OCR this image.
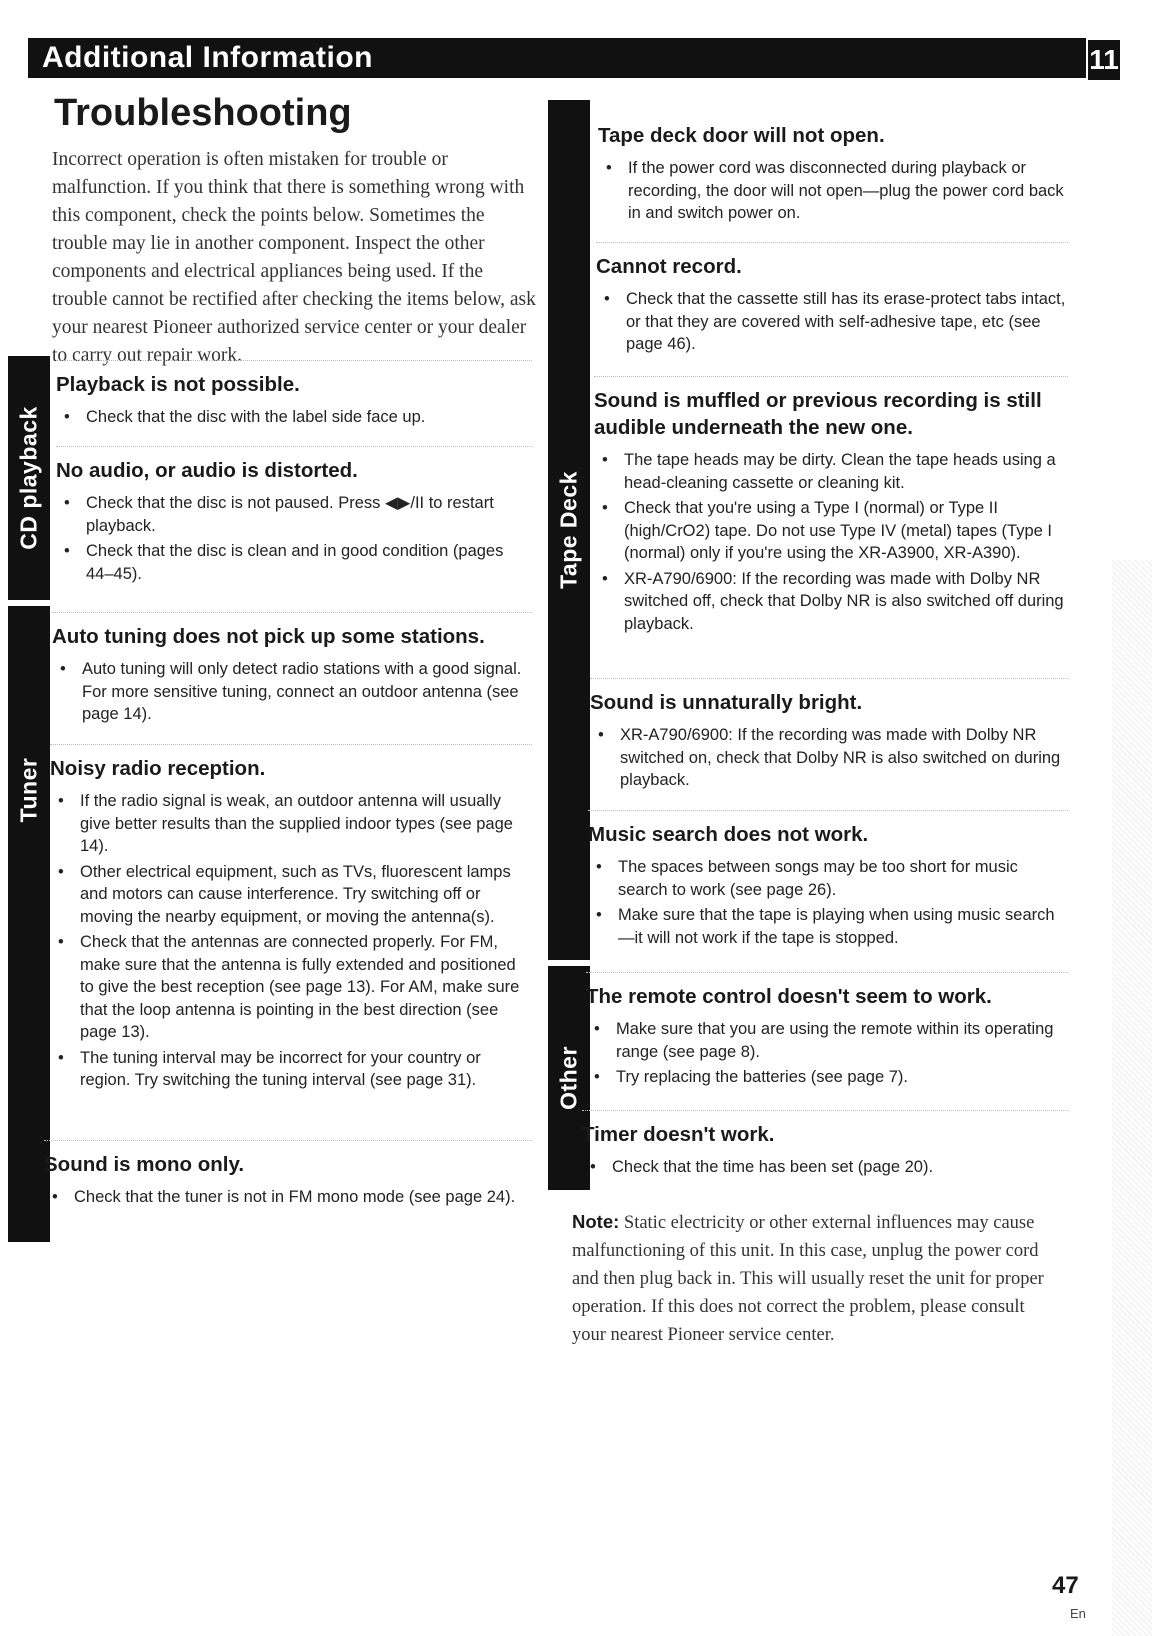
Additional Information	11
Troubleshooting

Incorrect operation is often mistaken for trouble or malfunction. If you think that there is something wrong with this component, check the points below. Sometimes the trouble may lie in another component. Inspect the other components and electrical appliances being used. If the trouble cannot be rectified after checking the items below, ask your nearest Pioneer authorized service center or your dealer to carry out repair work.

CD playback
Tuner
Tape Deck
Other
Playback is not possible.
• Check that the disc with the label side face up.
No audio, or audio is distorted.
• Check that the disc is not paused. Press ◀▶/II to restart playback.
• Check that the disc is clean and in good condition (pages 44–45).
Auto tuning does not pick up some stations.
• Auto tuning will only detect radio stations with a good signal. For more sensitive tuning, connect an outdoor antenna (see page 14).
Noisy radio reception.
• If the radio signal is weak, an outdoor antenna will usually give better results than the supplied indoor types (see page 14).
• Other electrical equipment, such as TVs, fluorescent lamps and motors can cause interference. Try switching off or moving the nearby equipment, or moving the antenna(s).
• Check that the antennas are connected properly. For FM, make sure that the antenna is fully extended and positioned to give the best reception (see page 13). For AM, make sure that the loop antenna is pointing in the best direction (see page 13).
• The tuning interval may be incorrect for your country or region. Try switching the tuning interval (see page 31).
Sound is mono only.
• Check that the tuner is not in FM mono mode (see page 24).
Tape deck door will not open.
• If the power cord was disconnected during playback or recording, the door will not open—plug the power cord back in and switch power on.
Cannot record.
• Check that the cassette still has its erase-protect tabs intact, or that they are covered with self-adhesive tape, etc (see page 46).
Sound is muffled or previous recording is still audible underneath the new one.
• The tape heads may be dirty. Clean the tape heads using a head-cleaning cassette or cleaning kit.
• Check that you're using a Type I (normal) or Type II (high/CrO2) tape. Do not use Type IV (metal) tapes (Type I (normal) only if you're using the XR-A3900, XR-A390).
• XR-A790/6900: If the recording was made with Dolby NR switched off, check that Dolby NR is also switched off during playback.
Sound is unnaturally bright.
• XR-A790/6900: If the recording was made with Dolby NR switched on, check that Dolby NR is also switched on during playback.
Music search does not work.
• The spaces between songs may be too short for music search to work (see page 26).
• Make sure that the tape is playing when using music search—it will not work if the tape is stopped.
The remote control doesn't seem to work.
• Make sure that you are using the remote within its operating range (see page 8).
• Try replacing the batteries (see page 7).
Timer doesn't work.
• Check that the time has been set (page 20).

Note: Static electricity or other external influences may cause malfunctioning of this unit. In this case, unplug the power cord and then plug back in. This will usually reset the unit for proper operation. If this does not correct the problem, please consult your nearest Pioneer service center.

47
En
